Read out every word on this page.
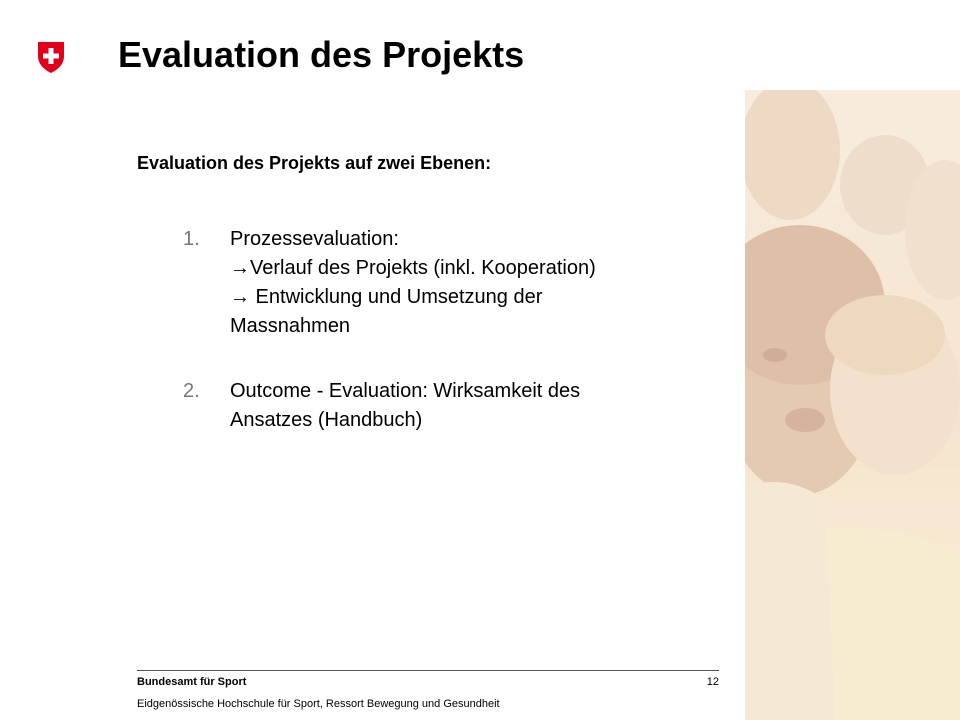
Evaluation des Projekts
Evaluation des Projekts auf zwei Ebenen:
1.	Prozessevaluation:
→Verlauf des Projekts (inkl. Kooperation)
→ Entwicklung und Umsetzung der
Massnahmen
2.	Outcome - Evaluation: Wirksamkeit des
Ansatzes (Handbuch)
Bundesamt für Sport	12
Eidgenössische Hochschule für Sport, Ressort Bewegung und Gesundheit
